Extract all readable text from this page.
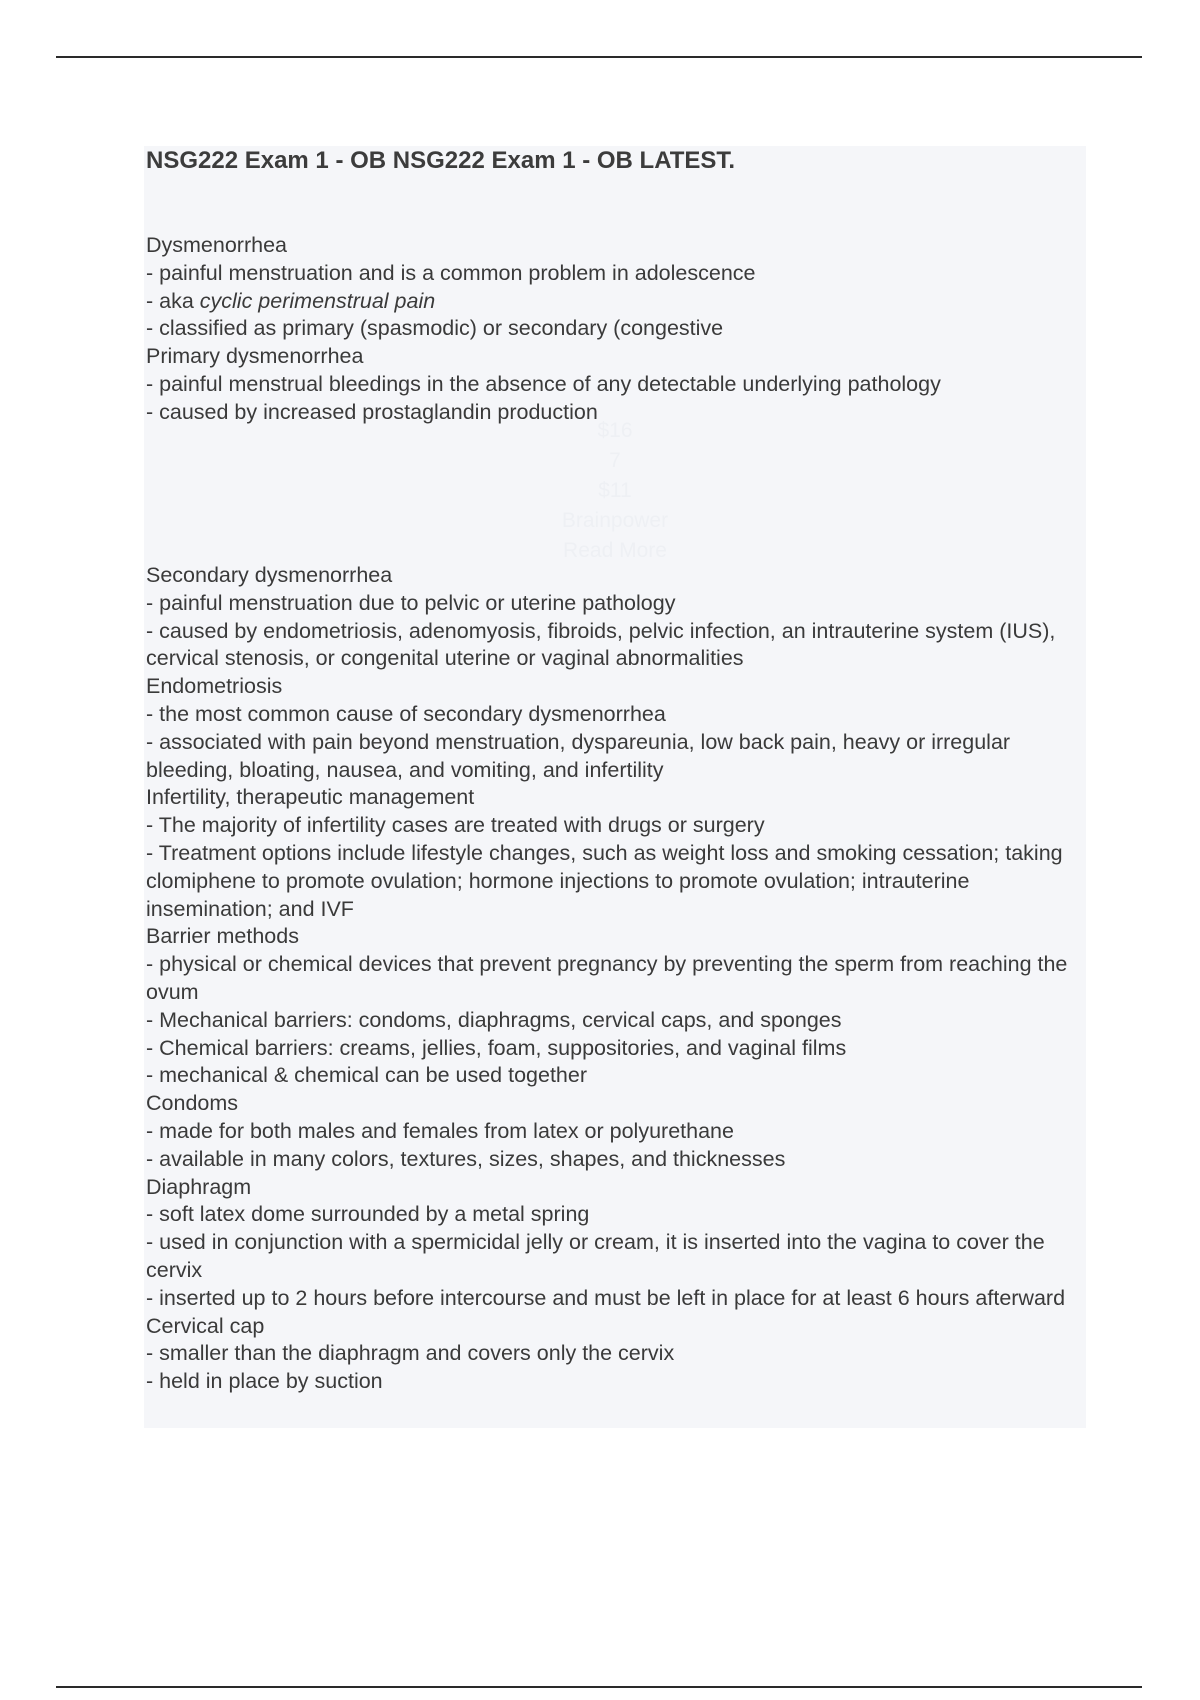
NSG222 Exam 1 - OB NSG222 Exam 1 - OB LATEST.
Dysmenorrhea
- painful menstruation and is a common problem in adolescence
- aka cyclic perimenstrual pain
- classified as primary (spasmodic) or secondary (congestive
Primary dysmenorrhea
- painful menstrual bleedings in the absence of any detectable underlying pathology
- caused by increased prostaglandin production
$16
7
$11
Brainpower
Read More
Secondary dysmenorrhea
- painful menstruation due to pelvic or uterine pathology
- caused by endometriosis, adenomyosis, fibroids, pelvic infection, an intrauterine system (IUS), cervical stenosis, or congenital uterine or vaginal abnormalities
Endometriosis
- the most common cause of secondary dysmenorrhea
- associated with pain beyond menstruation, dyspareunia, low back pain, heavy or irregular bleeding, bloating, nausea, and vomiting, and infertility
Infertility, therapeutic management
- The majority of infertility cases are treated with drugs or surgery
- Treatment options include lifestyle changes, such as weight loss and smoking cessation; taking clomiphene to promote ovulation; hormone injections to promote ovulation; intrauterine insemination; and IVF
Barrier methods
- physical or chemical devices that prevent pregnancy by preventing the sperm from reaching the ovum
- Mechanical barriers: condoms, diaphragms, cervical caps, and sponges
- Chemical barriers: creams, jellies, foam, suppositories, and vaginal films
- mechanical & chemical can be used together
Condoms
- made for both males and females from latex or polyurethane
- available in many colors, textures, sizes, shapes, and thicknesses
Diaphragm
- soft latex dome surrounded by a metal spring
- used in conjunction with a spermicidal jelly or cream, it is inserted into the vagina to cover the cervix
- inserted up to 2 hours before intercourse and must be left in place for at least 6 hours afterward
Cervical cap
- smaller than the diaphragm and covers only the cervix
- held in place by suction
